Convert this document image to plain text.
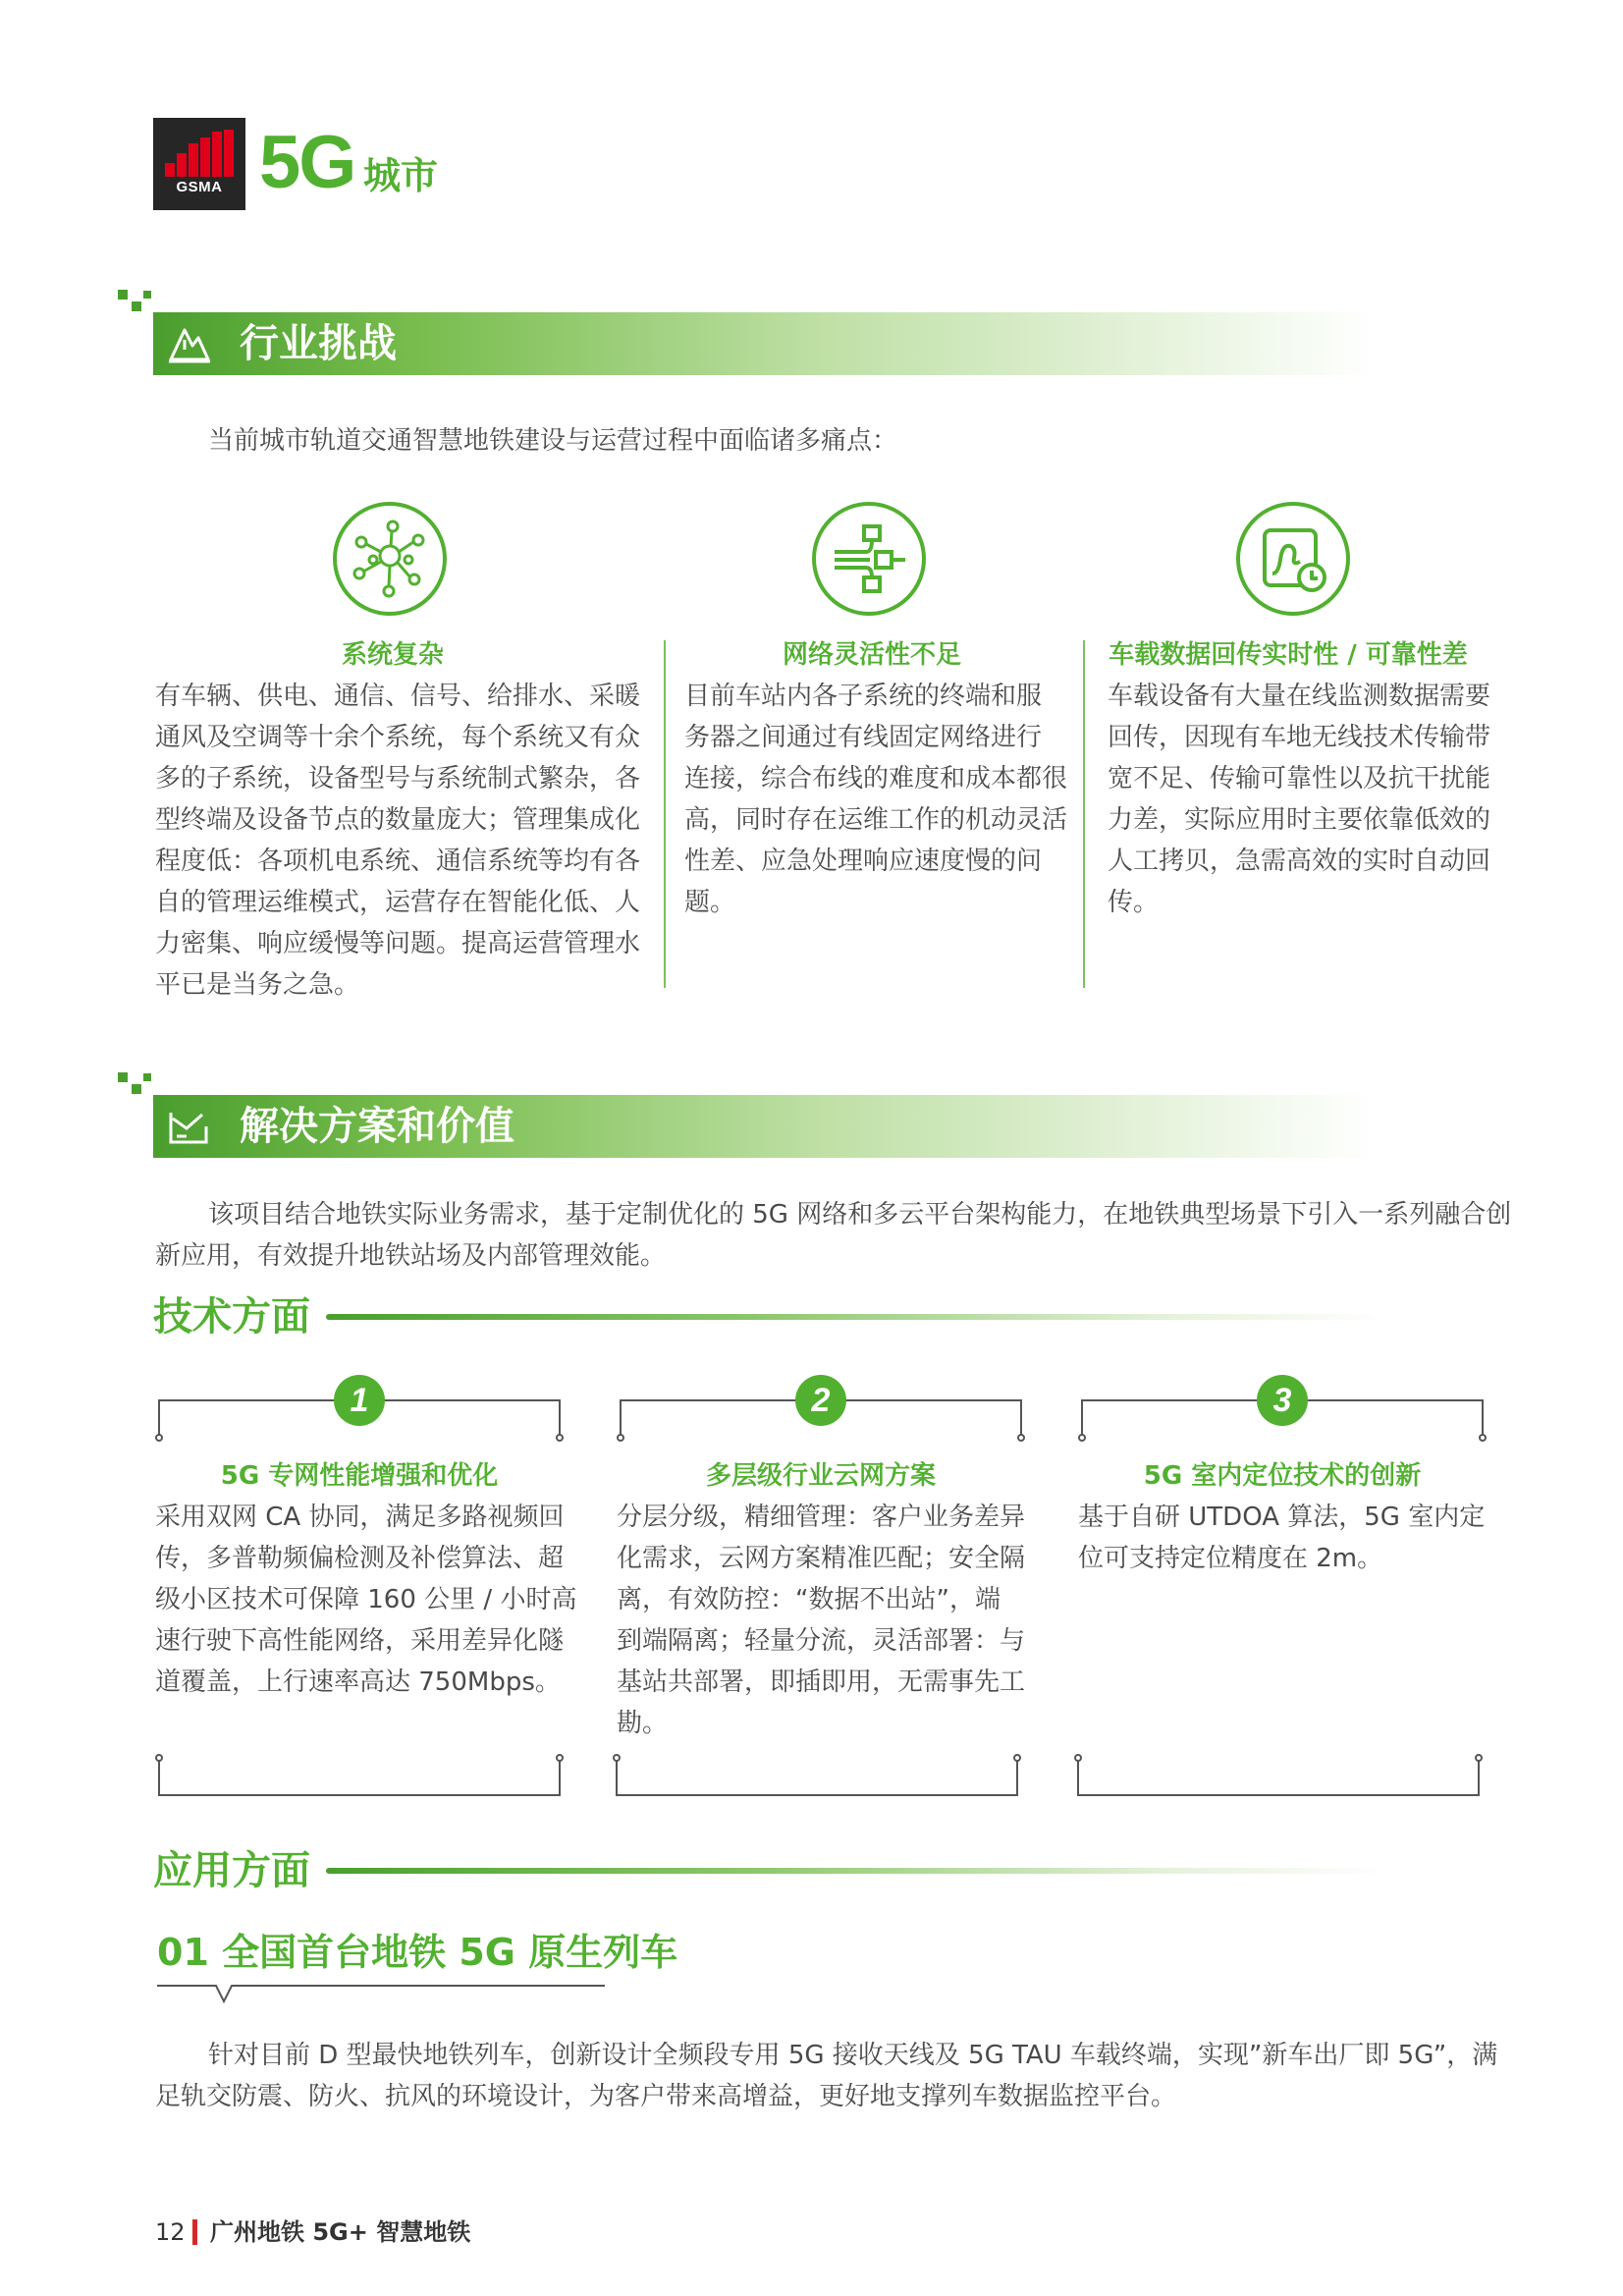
GSMA 5G 城市
行业挑战
当前城市轨道交通智慧地铁建设与运营过程中面临诸多痛点：
系统复杂	网络灵活性不足	车载数据回传实时性 / 可靠性差
有车辆、供电、通信、信号、给排水、采暖
通风及空调等十余个系统，每个系统又有众
多的子系统，设备型号与系统制式繁杂，各
型终端及设备节点的数量庞大；管理集成化
程度低：各项机电系统、通信系统等均有各
自的管理运维模式，运营存在智能化低、人
力密集、响应缓慢等问题。提高运营管理水
平已是当务之急。
目前车站内各子系统的终端和服
务器之间通过有线固定网络进行
连接，综合布线的难度和成本都很
高，同时存在运维工作的机动灵活
性差、应急处理响应速度慢的问
题。
车载设备有大量在线监测数据需要
回传，因现有车地无线技术传输带
宽不足、传输可靠性以及抗干扰能
力差，实际应用时主要依靠低效的
人工拷贝，急需高效的实时自动回
传。
解决方案和价值
该项目结合地铁实际业务需求，基于定制优化的 5G 网络和多云平台架构能力，在地铁典型场景下引入一系列融合创
新应用，有效提升地铁站场及内部管理效能。
技术方面
1	2	3
5G 专网性能增强和优化	多层级行业云网方案	5G 室内定位技术的创新
采用双网 CA 协同，满足多路视频回
传，多普勒频偏检测及补偿算法、超
级小区技术可保障 160 公里 / 小时高
速行驶下高性能网络，采用差异化隧
道覆盖，上行速率高达 750Mbps。
分层分级，精细管理：客户业务差异
化需求，云网方案精准匹配；安全隔
离，有效防控：“数据不出站”，端
到端隔离；轻量分流，灵活部署：与
基站共部署，即插即用，无需事先工
勘。
基于自研 UTDOA 算法，5G 室内定
位可支持定位精度在 2m。
应用方面
01 全国首台地铁 5G 原生列车
针对目前 D 型最快地铁列车，创新设计全频段专用 5G 接收天线及 5G TAU 车载终端，实现”新车出厂即 5G”，满
足轨交防震、防火、抗风的环境设计，为客户带来高增益，更好地支撑列车数据监控平台。
12 广州地铁 5G+ 智慧地铁
